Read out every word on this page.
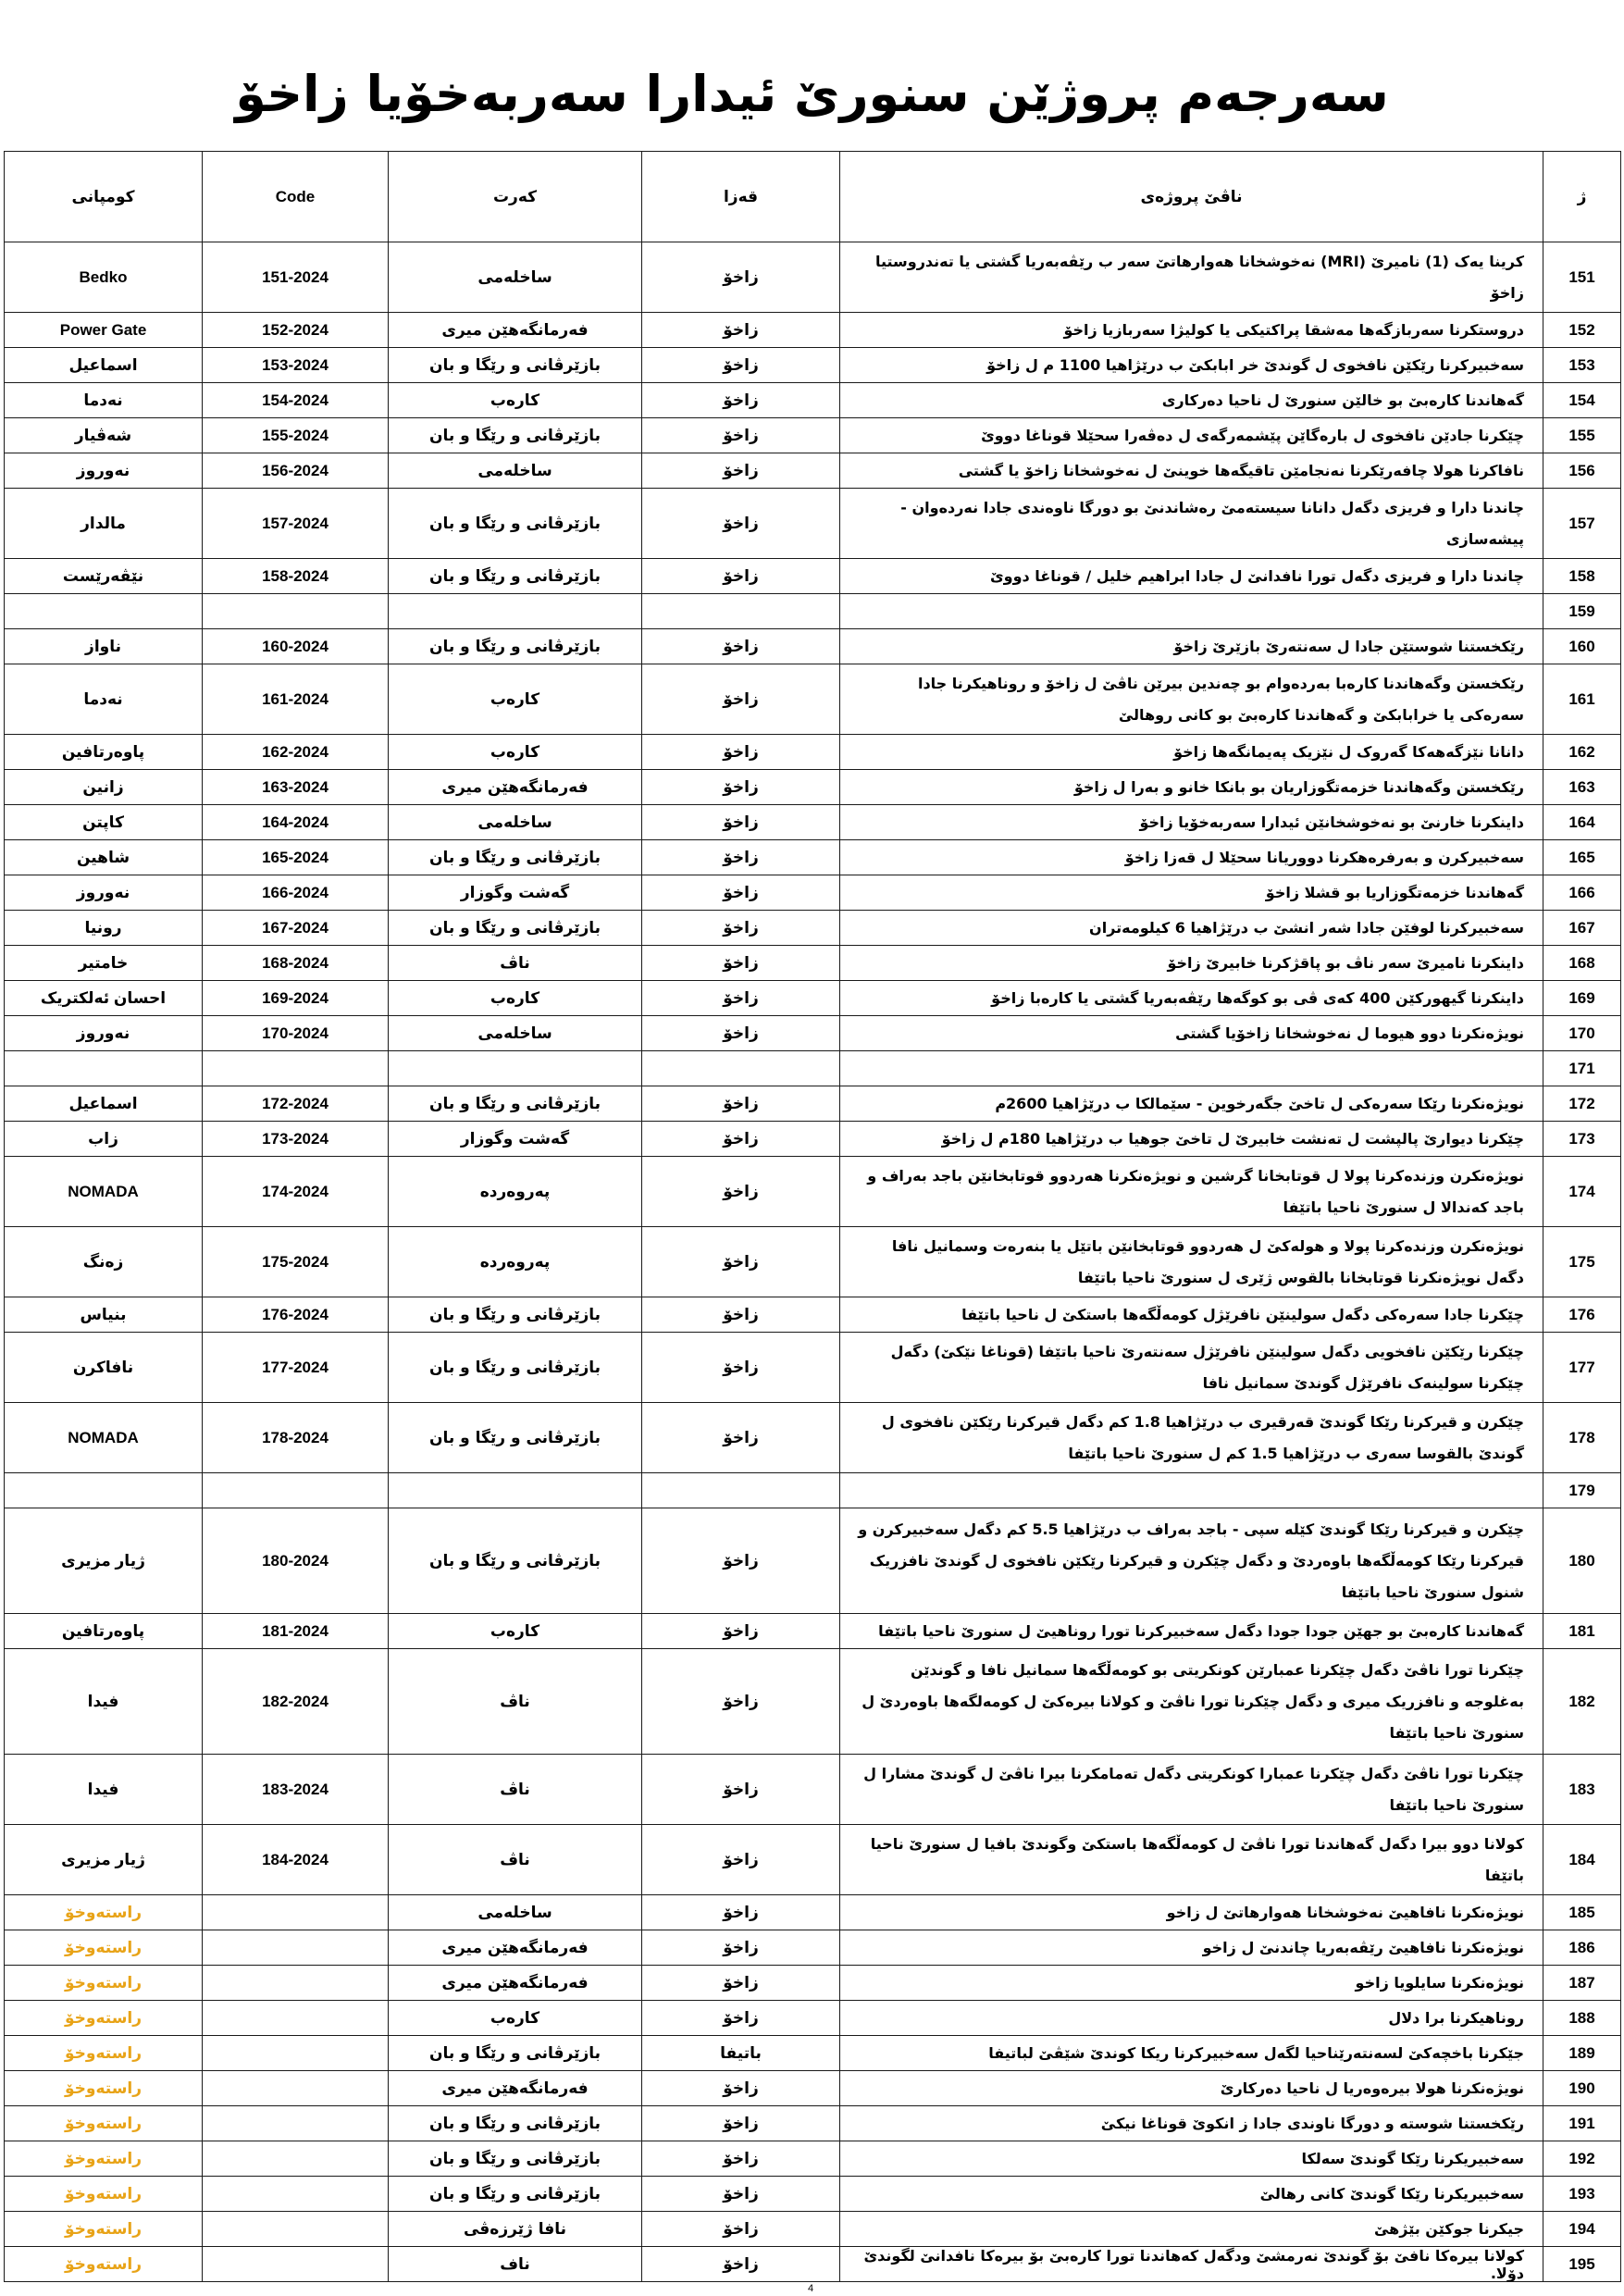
سەرجەم پروژێن سنورێ ئیدارا سەربەخۆیا زاخۆ
ژ	ناڤێ پروژەی	قەزا	کەرت	Code	کومپانی

151	کرینا یەک (1) نامیرێ (MRI) نەخوشخانا هەوارهاتێ سەر ب رێڤەبەریا گشتی یا تەندروستیا زاخۆ	زاخۆ	ساخلەمی	151-2024	Bedko

152	دروستکرنا سەربازگەها مەشقا پراکتیکی یا کولیژا سەربازیا زاخۆ	زاخۆ	فەرمانگەهێن میری	152-2024	Power Gate

153	سەخبیرکرنا رێکێن نافخوی ل گوندێ خر ابابکێ ب درێژاهیا 1100 م ل زاخۆ	زاخۆ	بازێرڤانی و رێگا و بان	153-2024	اسماعیل

154	گەهاندنا کارەبێ بو خالێن سنورێ ل ناحیا دەرکاری	زاخۆ	کارەب	154-2024	نەدما

155	چێکرنا جادێن نافخوی ل بارەگاێن پێشمەرگەی ل دەڤەرا سحێلا قوناغا دووێ	زاخۆ	بازێرڤانی و رێگا و بان	155-2024	شەڤیار

156	نافاکرنا هولا چافەرێکرنا نەنجامێن تاقیگەها خوینێ ل نەخوشخانا زاخۆ یا گشتی	زاخۆ	ساخلەمی	156-2024	نەوروز

157	چاندنا دارا و فریزی دگەل دانانا سیستەمێ رەشاندنێ بو دورگا ناوەندی جادا نەردەوان - پیشەسازی	زاخۆ	بازێرڤانی و رێگا و بان	157-2024	مالدار

158	چاندنا دارا و فریزی دگەل تورا نافدانێ ل جادا ابراهیم خلیل / قوناغا دووێ	زاخۆ	بازێرڤانی و رێگا و بان	158-2024	نێڤەرێست

159					

160	رێکخستنا شوستێن جادا ل سەنتەرێ بازێرێ زاخۆ	زاخۆ	بازێرڤانی و رێگا و بان	160-2024	ناواز

161	رێکخستن وگەهاندنا کارەبا بەردەوام بو چەندین بیرێن ناڤێ ل زاخۆ و روناهیکرنا جادا سەرەکی یا خرابابکێ و گەهاندنا کارەبێ بو کانی روهالێ	زاخۆ	کارەب	161-2024	نەدما

162	دانانا نێزگەهەکا گەروک ل نێزیک پەیمانگەها زاخۆ	زاخۆ	کارەب	162-2024	پاوەرتافین

163	رێکخستن وگەهاندنا خزمەتگوزاریان بو بانکا خانو و بەرا ل زاخۆ	زاخۆ	فەرمانگەهێن میری	163-2024	زانین

164	داینکرنا خارنێ بو نەخوشخانێن ئیدارا سەربەخۆیا زاخۆ	زاخۆ	ساخلەمی	164-2024	کاپتن

165	سەخبیرکرن و بەرفرەهکرنا دووریانا سحێلا ل قەزا زاخۆ	زاخۆ	بازێرڤانی و رێگا و بان	165-2024	شاهین

166	گەهاندنا خزمەتگوزاریا بو قشلا زاخۆ	زاخۆ	گەشت وگوزار	166-2024	نەوروز

167	سەخبیرکرنا لوفێن جادا شەر انشێ ب درێژاهیا 6 کیلومەتران	زاخۆ	بازێرڤانی و رێگا و بان	167-2024	رونیا

168	داینکرنا نامیرێ سەر ناڤ بو پاقژکرنا خابیرێ زاخۆ	زاخۆ	ناڤ	168-2024	خامتیر

169	داینکرنا گیهورکێن 400 کەی ڤی بو کوگەها رێڤەبەریا گشتی یا کارەبا زاخۆ	زاخۆ	کارەب	169-2024	احسان ئەلکتریک

170	نویژەنکرنا دوو هیوما ل نەخوشخانا زاخۆیا گشتی	زاخۆ	ساخلەمی	170-2024	نەوروز

171					

172	نویژەنکرنا رێکا سەرەکی ل تاخێ جگەرخوین - سێمالکا ب درێژاهیا 2600م	زاخۆ	بازێرڤانی و رێگا و بان	172-2024	اسماعیل

173	چێکرنا دیوارێ پالپشت ل تەنشت خابیرێ ل تاخێ جوهیا ب درێژاهیا 180م ل زاخۆ	زاخۆ	گەشت وگوزار	173-2024	زاب

174	نویژەنکرن وزندەکرنا پولا ل قوتابخانا گرشین و نویژەنکرنا هەردوو قوتابخانێن باجد بەراف و باجد کەندالا ل سنورێ ناحیا باتێفا	زاخۆ	پەروەردە	174-2024	NOMADA

175	نویژەنکرن وزندەکرنا پولا و هولەکێ ل هەردوو قوتابخانێن باتێل یا بنەرەت وسمانیل نافا دگەل نویژەنکرنا قوتابخانا بالقوس ژێری ل سنورێ ناحیا باتێفا	زاخۆ	پەروەردە	175-2024	زەنگ

176	چێکرنا جادا سەرەکی دگەل سولینێن نافرێژل کومەڵگەها باستکێ ل ناحیا باتێفا	زاخۆ	بازێرڤانی و رێگا و بان	176-2024	بنیاس

177	چێکرنا رێکێن نافخویی دگەل سولینێن نافرێژل سەنتەرێ ناحیا باتێفا (قوناغا نێکێ) دگەل چێکرنا سولینەک نافرێژل گوندێ سمانیل نافا	زاخۆ	بازێرڤانی و رێگا و بان	177-2024	نافاکرن

178	چێکرن و قیرکرنا رێکا گوندێ قەرقیری ب درێژاهیا 1.8 کم دگەل قیرکرنا رێکێن نافخوی ل گوندێ بالقوسا سەری ب درێژاهیا 1.5 کم ل سنورێ ناحیا باتێفا	زاخۆ	بازێرڤانی و رێگا و بان	178-2024	NOMADA

179					

180	چێکرن و قیرکرنا رێکا گوندێ کێلە سپی - باجد بەراف ب درێژاهیا 5.5 کم دگەل سەخبیرکرن و قیرکرنا رێکا کومەڵگەها باوەردێ و دگەل چێکرن و قیرکرنا رێکێن نافخوی ل گوندێ نافزریک شنول سنورێ ناحیا باتێفا	زاخۆ	بازێرڤانی و رێگا و بان	180-2024	ژیار مزیری

181	گەهاندنا کارەبێ بو جهێن جودا جودا دگەل سەخبیرکرنا تورا روناهیێ ل سنورێ ناحیا باتێفا	زاخۆ	کارەب	181-2024	پاوەرتافین

182	چێکرنا تورا ناڤێ دگەل چێکرنا عمبارێن کونکریتی بو کومەڵگەها سمانیل نافا و گوندێن بەغلوجە و نافزریک میری و دگەل چێکرنا تورا ناڤێ و کولانا بیرەکێ ل کومەلگەها باوەردێ ل سنورێ ناحیا باتێفا	زاخۆ	ناڤ	182-2024	فیدا

183	چێکرنا تورا ناڤێ دگەل چێکرنا عمبارا کونکریتی دگەل تەمامکرنا بیرا ناڤێ ل گوندێ مشارا ل سنورێ ناحیا باتێفا	زاخۆ	ناڤ	183-2024	فیدا

184	کولانا دوو بیرا دگەل گەهاندنا تورا ناڤێ ل کومەڵگەها باستکێ وگوندێ بافیا ل سنورێ ناحیا باتێفا	زاخۆ	ناڤ	184-2024	ژیار مزیری

185	نویژەنکرنا نافاهیێ نەخوشخانا هەوارهاتێ ل زاخو	زاخۆ	ساخلەمی		راستەوخۆ

186	نویژەنکرنا نافاهیێ رێڤەبەریا چاندنێ ل زاخو	زاخۆ	فەرمانگەهێن میری		راستەوخۆ

187	نویژەنکرنا سایلویا زاخو	زاخۆ	فەرمانگەهێن میری		راستەوخۆ

188	روناهیکرنا برا دلال	زاخۆ	کارەب		راستەوخۆ

189	جێکرنا باخچەکێ لسەنتەرێناحیا لگەل سەخبیرکرنا ریکا کوندێ شێڤێ لباتیفا	باتیفا	بازێرڤانی و رێگا و بان		راستەوخۆ

190	نویژەنکرنا هولا بیرەوەریا ل ناحیا دەرکارێ	زاخۆ	فەرمانگەهێن میری		راستەوخۆ

191	رێکخستنا شوستە و دورگا ناوندی جادا ز انکوێ قوناغا نیکێ	زاخۆ	بازێرڤانی و رێگا و بان		راستەوخۆ

192	سەخبیریکرنا رێکا گوندێ سەلکا	زاخۆ	بازێرڤانی و رێگا و بان		راستەوخۆ

193	سەخبیریکرنا رێکا گوندێ کانی رهالێ	زاخۆ	بازێرڤانی و رێگا و بان		راستەوخۆ

194	جیکرنا جوکێن بێژهێ	زاخۆ	نافا ژێرزەڤی		راستەوخۆ

195	کولانا بیرەکا نافێ بۆ گوندێ نەرمشێ ودگەل کەهاندنا تورا کارەبێ بۆ بیرەکا نافدانێ لگوندێ دۆلا.	زاخۆ	ناف		راستەوخۆ
4
